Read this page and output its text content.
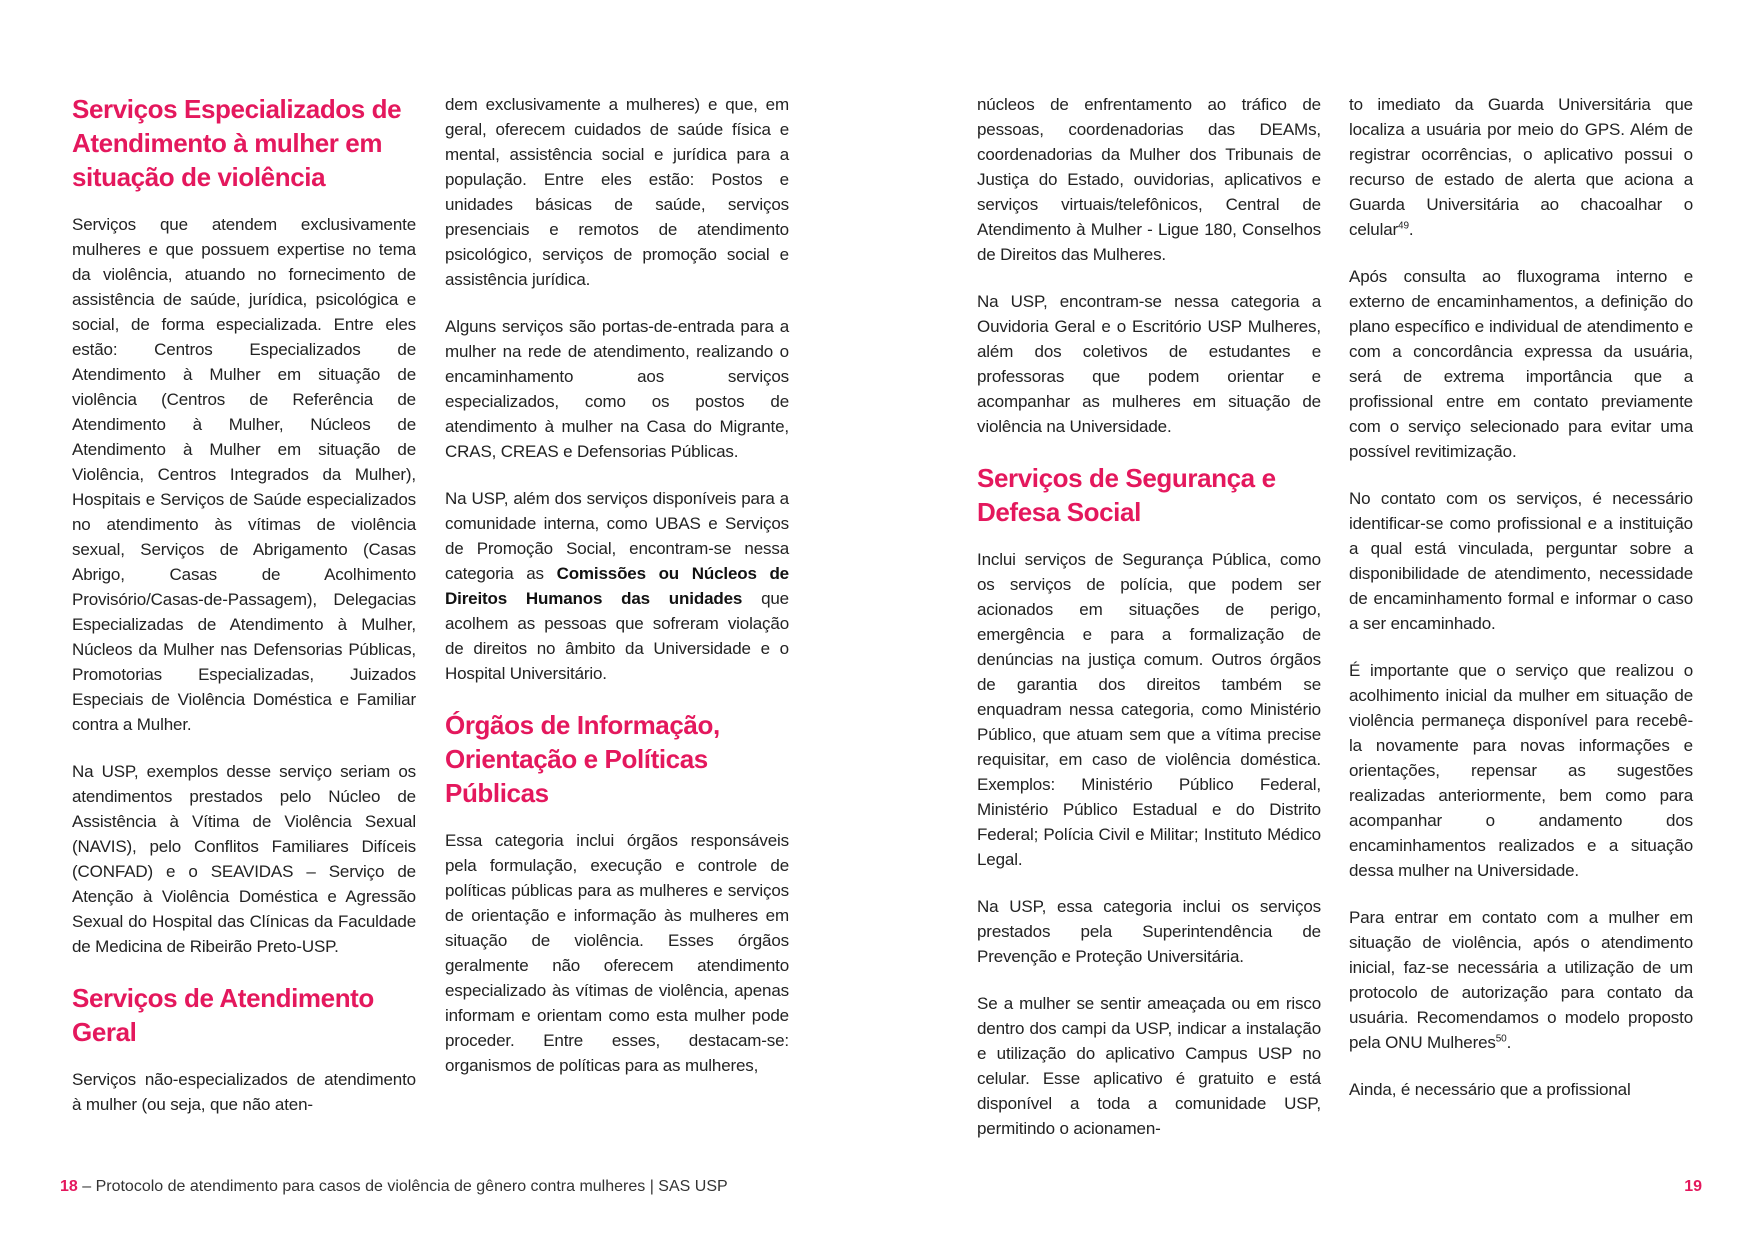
Serviços Especializados de Atendimento à mulher em situação de violência

Serviços que atendem exclusivamente mulheres e que possuem expertise no tema da violência, atuando no fornecimento de assistência de saúde, jurídica, psicológica e social, de forma especializada. Entre eles estão: Centros Especializados de Atendimento à Mulher em situação de violência (Centros de Referência de Atendimento à Mulher, Núcleos de Atendimento à Mulher em situação de Violência, Centros Integrados da Mulher), Hospitais e Serviços de Saúde especializados no atendimento às vítimas de violência sexual, Serviços de Abrigamento (Casas Abrigo, Casas de Acolhimento Provisório/Casas-de-Passagem), Delegacias Especializadas de Atendimento à Mulher, Núcleos da Mulher nas Defensorias Públicas, Promotorias Especializadas, Juizados Especiais de Violência Doméstica e Familiar contra a Mulher.

Na USP, exemplos desse serviço seriam os atendimentos prestados pelo Núcleo de Assistência à Vítima de Violência Sexual (NAVIS), pelo Conflitos Familiares Difíceis (CONFAD) e o SEAVIDAS – Serviço de Atenção à Violência Doméstica e Agressão Sexual do Hospital das Clínicas da Faculdade de Medicina de Ribeirão Preto-USP.

Serviços de Atendimento Geral

Serviços não-especializados de atendimento à mulher (ou seja, que não aten-

dem exclusivamente a mulheres) e que, em geral, oferecem cuidados de saúde física e mental, assistência social e jurídica para a população. Entre eles estão: Postos e unidades básicas de saúde, serviços presenciais e remotos de atendimento psicológico, serviços de promoção social e assistência jurídica.

Alguns serviços são portas-de-entrada para a mulher na rede de atendimento, realizando o encaminhamento aos serviços especializados, como os postos de atendimento à mulher na Casa do Migrante, CRAS, CREAS e Defensorias Públicas.

Na USP, além dos serviços disponíveis para a comunidade interna, como UBAS e Serviços de Promoção Social, encontram-se nessa categoria as Comissões ou Núcleos de Direitos Humanos das unidades que acolhem as pessoas que sofreram violação de direitos no âmbito da Universidade e o Hospital Universitário.

Órgãos de Informação, Orientação e Políticas Públicas

Essa categoria inclui órgãos responsáveis pela formulação, execução e controle de políticas públicas para as mulheres e serviços de orientação e informação às mulheres em situação de violência. Esses órgãos geralmente não oferecem atendimento especializado às vítimas de violência, apenas informam e orientam como esta mulher pode proceder. Entre esses, destacam-se: organismos de políticas para as mulheres,

núcleos de enfrentamento ao tráfico de pessoas, coordenadorias das DEAMs, coordenadorias da Mulher dos Tribunais de Justiça do Estado, ouvidorias, aplicativos e serviços virtuais/telefônicos, Central de Atendimento à Mulher - Ligue 180, Conselhos de Direitos das Mulheres.

Na USP, encontram-se nessa categoria a Ouvidoria Geral e o Escritório USP Mulheres, além dos coletivos de estudantes e professoras que podem orientar e acompanhar as mulheres em situação de violência na Universidade.

Serviços de Segurança e Defesa Social

Inclui serviços de Segurança Pública, como os serviços de polícia, que podem ser acionados em situações de perigo, emergência e para a formalização de denúncias na justiça comum. Outros órgãos de garantia dos direitos também se enquadram nessa categoria, como Ministério Público, que atuam sem que a vítima precise requisitar, em caso de violência doméstica. Exemplos: Ministério Público Federal, Ministério Público Estadual e do Distrito Federal; Polícia Civil e Militar; Instituto Médico Legal.

Na USP, essa categoria inclui os serviços prestados pela Superintendência de Prevenção e Proteção Universitária.

Se a mulher se sentir ameaçada ou em risco dentro dos campi da USP, indicar a instalação e utilização do aplicativo Campus USP no celular. Esse aplicativo é gratuito e está disponível a toda a comunidade USP, permitindo o acionamen-

to imediato da Guarda Universitária que localiza a usuária por meio do GPS. Além de registrar ocorrências, o aplicativo possui o recurso de estado de alerta que aciona a Guarda Universitária ao chacoalhar o celular$^{49}$.

Após consulta ao fluxograma interno e externo de encaminhamentos, a definição do plano específico e individual de atendimento e com a concordância expressa da usuária, será de extrema importância que a profissional entre em contato previamente com o serviço selecionado para evitar uma possível revitimização.

No contato com os serviços, é necessário identificar-se como profissional e a instituição a qual está vinculada, perguntar sobre a disponibilidade de atendimento, necessidade de encaminhamento formal e informar o caso a ser encaminhado.

É importante que o serviço que realizou o acolhimento inicial da mulher em situação de violência permaneça disponível para recebê-la novamente para novas informações e orientações, repensar as sugestões realizadas anteriormente, bem como para acompanhar o andamento dos encaminhamentos realizados e a situação dessa mulher na Universidade.

Para entrar em contato com a mulher em situação de violência, após o atendimento inicial, faz-se necessária a utilização de um protocolo de autorização para contato da usuária. Recomendamos o modelo proposto pela ONU Mulheres$^{50}$.

Ainda, é necessário que a profissional

18 – Protocolo de atendimento para casos de violência de gênero contra mulheres | SAS USP	19
